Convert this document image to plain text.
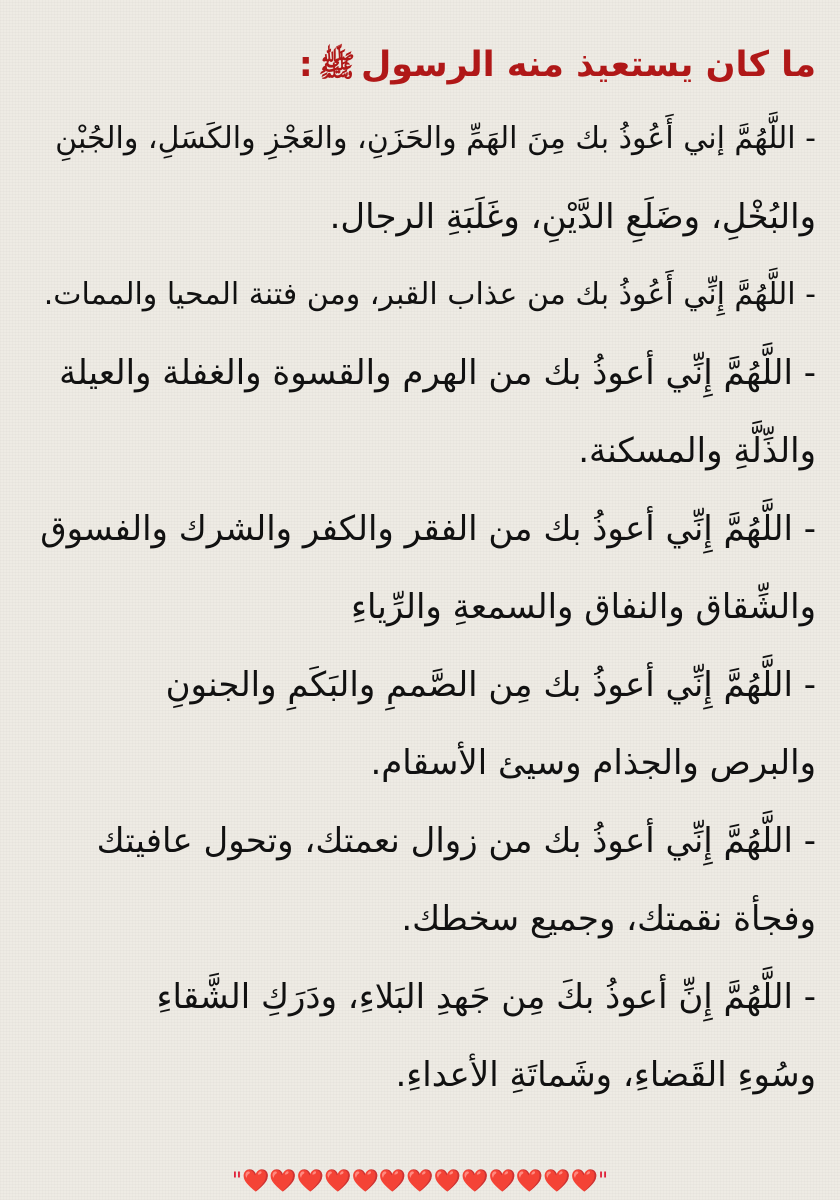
ما كان يستعيذ منه الرسولﷺ:
- اللَّهُمَّ إني أَعُوذُ بك مِنَ الهَمِّ والحَزَنِ، والعَجْزِ والكَسَلِ، والجُبْنِ
والبُخْلِ، وضَلَعِ الدَّيْنِ، وغَلَبَةِ الرجال.
- اللَّهُمَّ إِنِّي أَعُوذُ بك من عذاب القبر، ومن فتنة المحيا والممات.
- اللَّهُمَّ إِنِّي أعوذُ بك من الهرم والقسوة والغفلة والعيلة
والذِّلَّةِ والمسكنة.
- اللَّهُمَّ إِنِّي أعوذُ بك من الفقر والكفر والشرك والفسوق
والشِّقاق والنفاق والسمعةِ والرِّياءِ
- اللَّهُمَّ إِنِّي أعوذُ بك مِن الصَّممِ والبَكَمِ والجنونِ
والبرص والجذام وسيئ الأسقام.
- اللَّهُمَّ إِنِّي أعوذُ بك من زوال نعمتك، وتحول عافيتك
وفجأة نقمتك، وجميع سخطك.
- اللَّهُمَّ إِنِّ أعوذُ بكَ مِن جَهدِ البَلاءِ، ودَرَكِ الشَّقاءِ
وسُوءِ القَضاءِ، وشَماتَةِ الأعداءِ.
"❤️❤️❤️❤️❤️❤️❤️❤️❤️❤️❤️❤️❤️"
